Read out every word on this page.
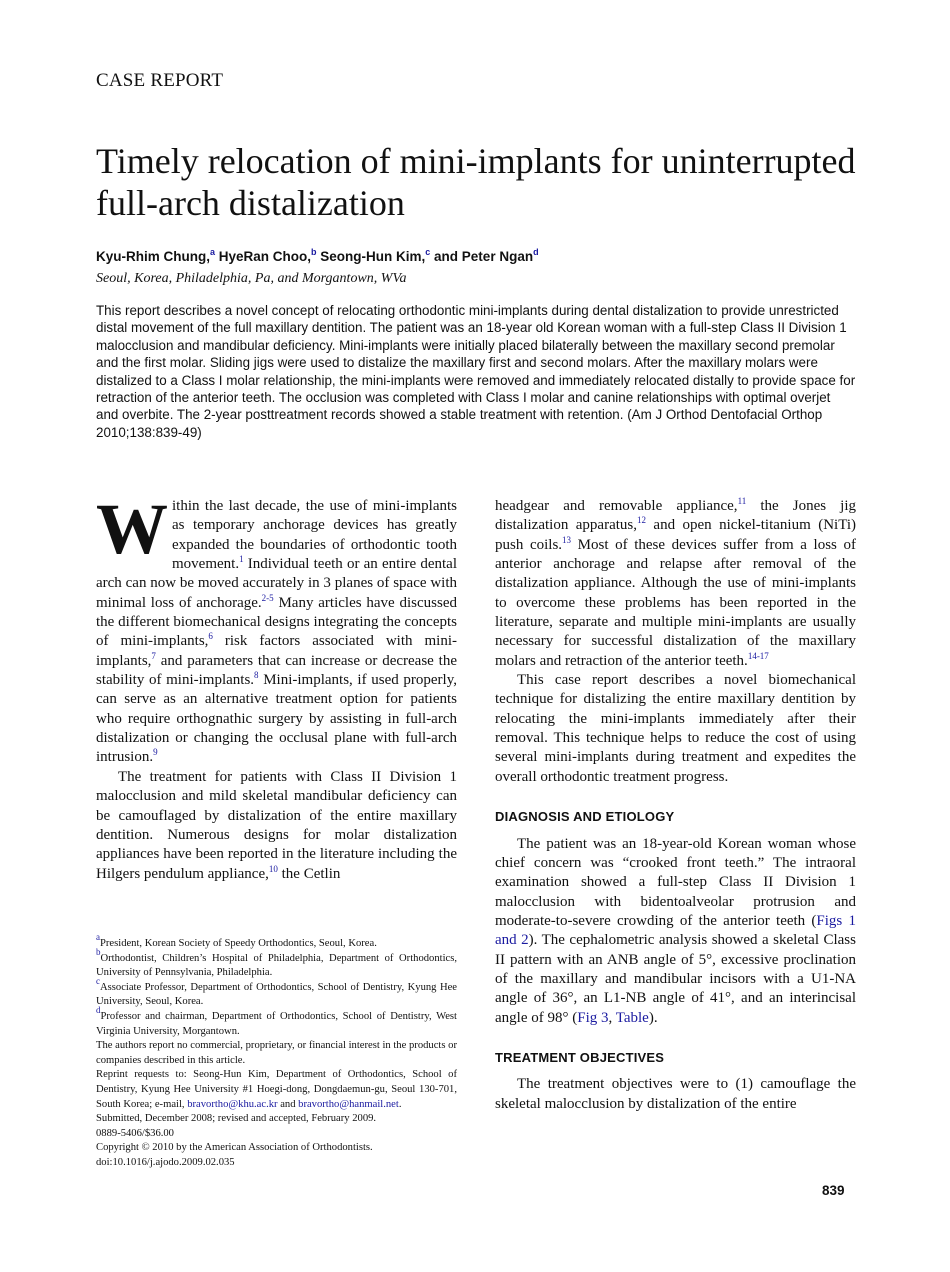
CASE REPORT
Timely relocation of mini-implants for uninterrupted full-arch distalization
Kyu-Rhim Chung,$^a$ HyeRan Choo,$^b$ Seong-Hun Kim,$^c$ and Peter Ngan$^d$
Seoul, Korea, Philadelphia, Pa, and Morgantown, WVa

This report describes a novel concept of relocating orthodontic mini-implants during dental distalization to provide unrestricted distal movement of the full maxillary dentition. The patient was an 18-year old Korean woman with a full-step Class II Division 1 malocclusion and mandibular deficiency. Mini-implants were initially placed bilaterally between the maxillary second premolar and the first molar. Sliding jigs were used to distalize the maxillary first and second molars. After the maxillary molars were distalized to a Class I molar relationship, the mini-implants were removed and immediately relocated distally to provide space for retraction of the anterior teeth. The occlusion was completed with Class I molar and canine relationships with optimal overjet and overbite. The 2-year posttreatment records showed a stable treatment with retention. (Am J Orthod Dentofacial Orthop 2010;138:839-49)

Within the last decade, the use of mini-implants as temporary anchorage devices has greatly expanded the boundaries of orthodontic tooth movement.$^1$ Individual teeth or an entire dental arch can now be moved accurately in 3 planes of space with minimal loss of anchorage.$^{2-5}$ Many articles have discussed the different biomechanical designs integrating the concepts of mini-implants,$^6$ risk factors associated with mini-implants,$^7$ and parameters that can increase or decrease the stability of mini-implants.$^8$ Mini-implants, if used properly, can serve as an alternative treatment option for patients who require orthognathic surgery by assisting in full-arch distalization or changing the occlusal plane with full-arch intrusion.$^9$

The treatment for patients with Class II Division 1 malocclusion and mild skeletal mandibular deficiency can be camouflaged by distalization of the entire maxillary dentition. Numerous designs for molar distalization appliances have been reported in the literature including the Hilgers pendulum appliance,$^{10}$ the Cetlin

$^a$President, Korean Society of Speedy Orthodontics, Seoul, Korea.
$^b$Orthodontist, Children’s Hospital of Philadelphia, Department of Orthodontics, University of Pennsylvania, Philadelphia.
$^c$Associate Professor, Department of Orthodontics, School of Dentistry, Kyung Hee University, Seoul, Korea.
$^d$Professor and chairman, Department of Orthodontics, School of Dentistry, West Virginia University, Morgantown.
The authors report no commercial, proprietary, or financial interest in the products or companies described in this article.
Reprint requests to: Seong-Hun Kim, Department of Orthodontics, School of Dentistry, Kyung Hee University #1 Hoegi-dong, Dongdaemun-gu, Seoul 130-701, South Korea; e-mail, bravortho@khu.ac.kr and bravortho@hanmail.net.
Submitted, December 2008; revised and accepted, February 2009.
0889-5406/$36.00
Copyright © 2010 by the American Association of Orthodontists.
doi:10.1016/j.ajodo.2009.02.035

headgear and removable appliance,$^{11}$ the Jones jig distalization apparatus,$^{12}$ and open nickel-titanium (NiTi) push coils.$^{13}$ Most of these devices suffer from a loss of anterior anchorage and relapse after removal of the distalization appliance. Although the use of mini-implants to overcome these problems has been reported in the literature, separate and multiple mini-implants are usually necessary for successful distalization of the maxillary molars and retraction of the anterior teeth.$^{14-17}$

This case report describes a novel biomechanical technique for distalizing the entire maxillary dentition by relocating the mini-implants immediately after their removal. This technique helps to reduce the cost of using several mini-implants during treatment and expedites the overall orthodontic treatment progress.

DIAGNOSIS AND ETIOLOGY

The patient was an 18-year-old Korean woman whose chief concern was “crooked front teeth.” The intraoral examination showed a full-step Class II Division 1 malocclusion with bidentoalveolar protrusion and moderate-to-severe crowding of the anterior teeth (Figs 1 and 2). The cephalometric analysis showed a skeletal Class II pattern with an ANB angle of 5°, excessive proclination of the maxillary and mandibular incisors with a U1-NA angle of 36°, an L1-NB angle of 41°, and an interincisal angle of 98° (Fig 3, Table).

TREATMENT OBJECTIVES

The treatment objectives were to (1) camouflage the skeletal malocclusion by distalization of the entire

839
